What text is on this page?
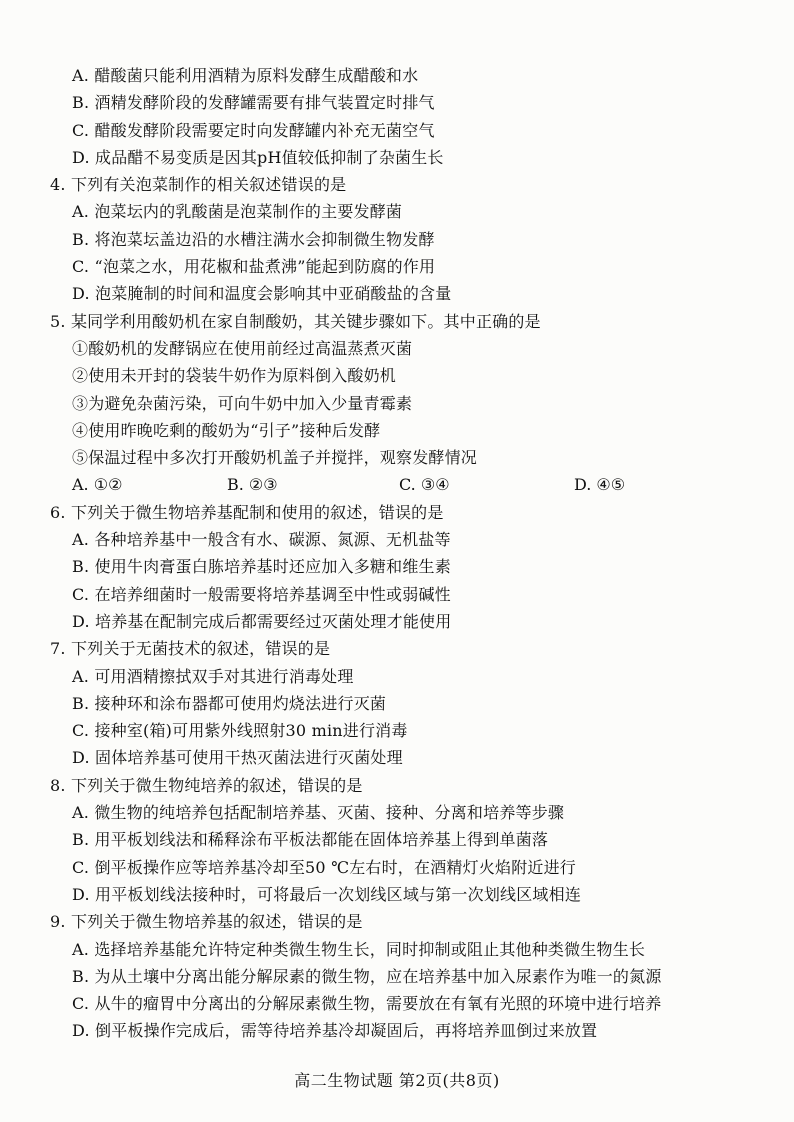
A. 醋酸菌只能利用酒精为原料发酵生成醋酸和水
B. 酒精发酵阶段的发酵罐需要有排气装置定时排气
C. 醋酸发酵阶段需要定时向发酵罐内补充无菌空气
D. 成品醋不易变质是因其pH值较低抑制了杂菌生长
4. 下列有关泡菜制作的相关叙述错误的是
A. 泡菜坛内的乳酸菌是泡菜制作的主要发酵菌
B. 将泡菜坛盖边沿的水槽注满水会抑制微生物发酵
C. “泡菜之水，用花椒和盐煮沸”能起到防腐的作用
D. 泡菜腌制的时间和温度会影响其中亚硝酸盐的含量
5. 某同学利用酸奶机在家自制酸奶，其关键步骤如下。其中正确的是
①酸奶机的发酵锅应在使用前经过高温蒸煮灭菌
②使用未开封的袋装牛奶作为原料倒入酸奶机
③为避免杂菌污染，可向牛奶中加入少量青霉素
④使用昨晚吃剩的酸奶为“引子”接种后发酵
⑤保温过程中多次打开酸奶机盖子并搅拌，观察发酵情况
A. ①②	B. ②③	C. ③④	D. ④⑤
6. 下列关于微生物培养基配制和使用的叙述，错误的是
A. 各种培养基中一般含有水、碳源、氮源、无机盐等
B. 使用牛肉膏蛋白胨培养基时还应加入多糖和维生素
C. 在培养细菌时一般需要将培养基调至中性或弱碱性
D. 培养基在配制完成后都需要经过灭菌处理才能使用
7. 下列关于无菌技术的叙述，错误的是
A. 可用酒精擦拭双手对其进行消毒处理
B. 接种环和涂布器都可使用灼烧法进行灭菌
C. 接种室(箱)可用紫外线照射30 min进行消毒
D. 固体培养基可使用干热灭菌法进行灭菌处理
8. 下列关于微生物纯培养的叙述，错误的是
A. 微生物的纯培养包括配制培养基、灭菌、接种、分离和培养等步骤
B. 用平板划线法和稀释涂布平板法都能在固体培养基上得到单菌落
C. 倒平板操作应等培养基冷却至50 ℃左右时，在酒精灯火焰附近进行
D. 用平板划线法接种时，可将最后一次划线区域与第一次划线区域相连
9. 下列关于微生物培养基的叙述，错误的是
A. 选择培养基能允许特定种类微生物生长，同时抑制或阻止其他种类微生物生长
B. 为从土壤中分离出能分解尿素的微生物，应在培养基中加入尿素作为唯一的氮源
C. 从牛的瘤胃中分离出的分解尿素微生物，需要放在有氧有光照的环境中进行培养
D. 倒平板操作完成后，需等待培养基冷却凝固后，再将培养皿倒过来放置
高二生物试题 第2页(共8页)
